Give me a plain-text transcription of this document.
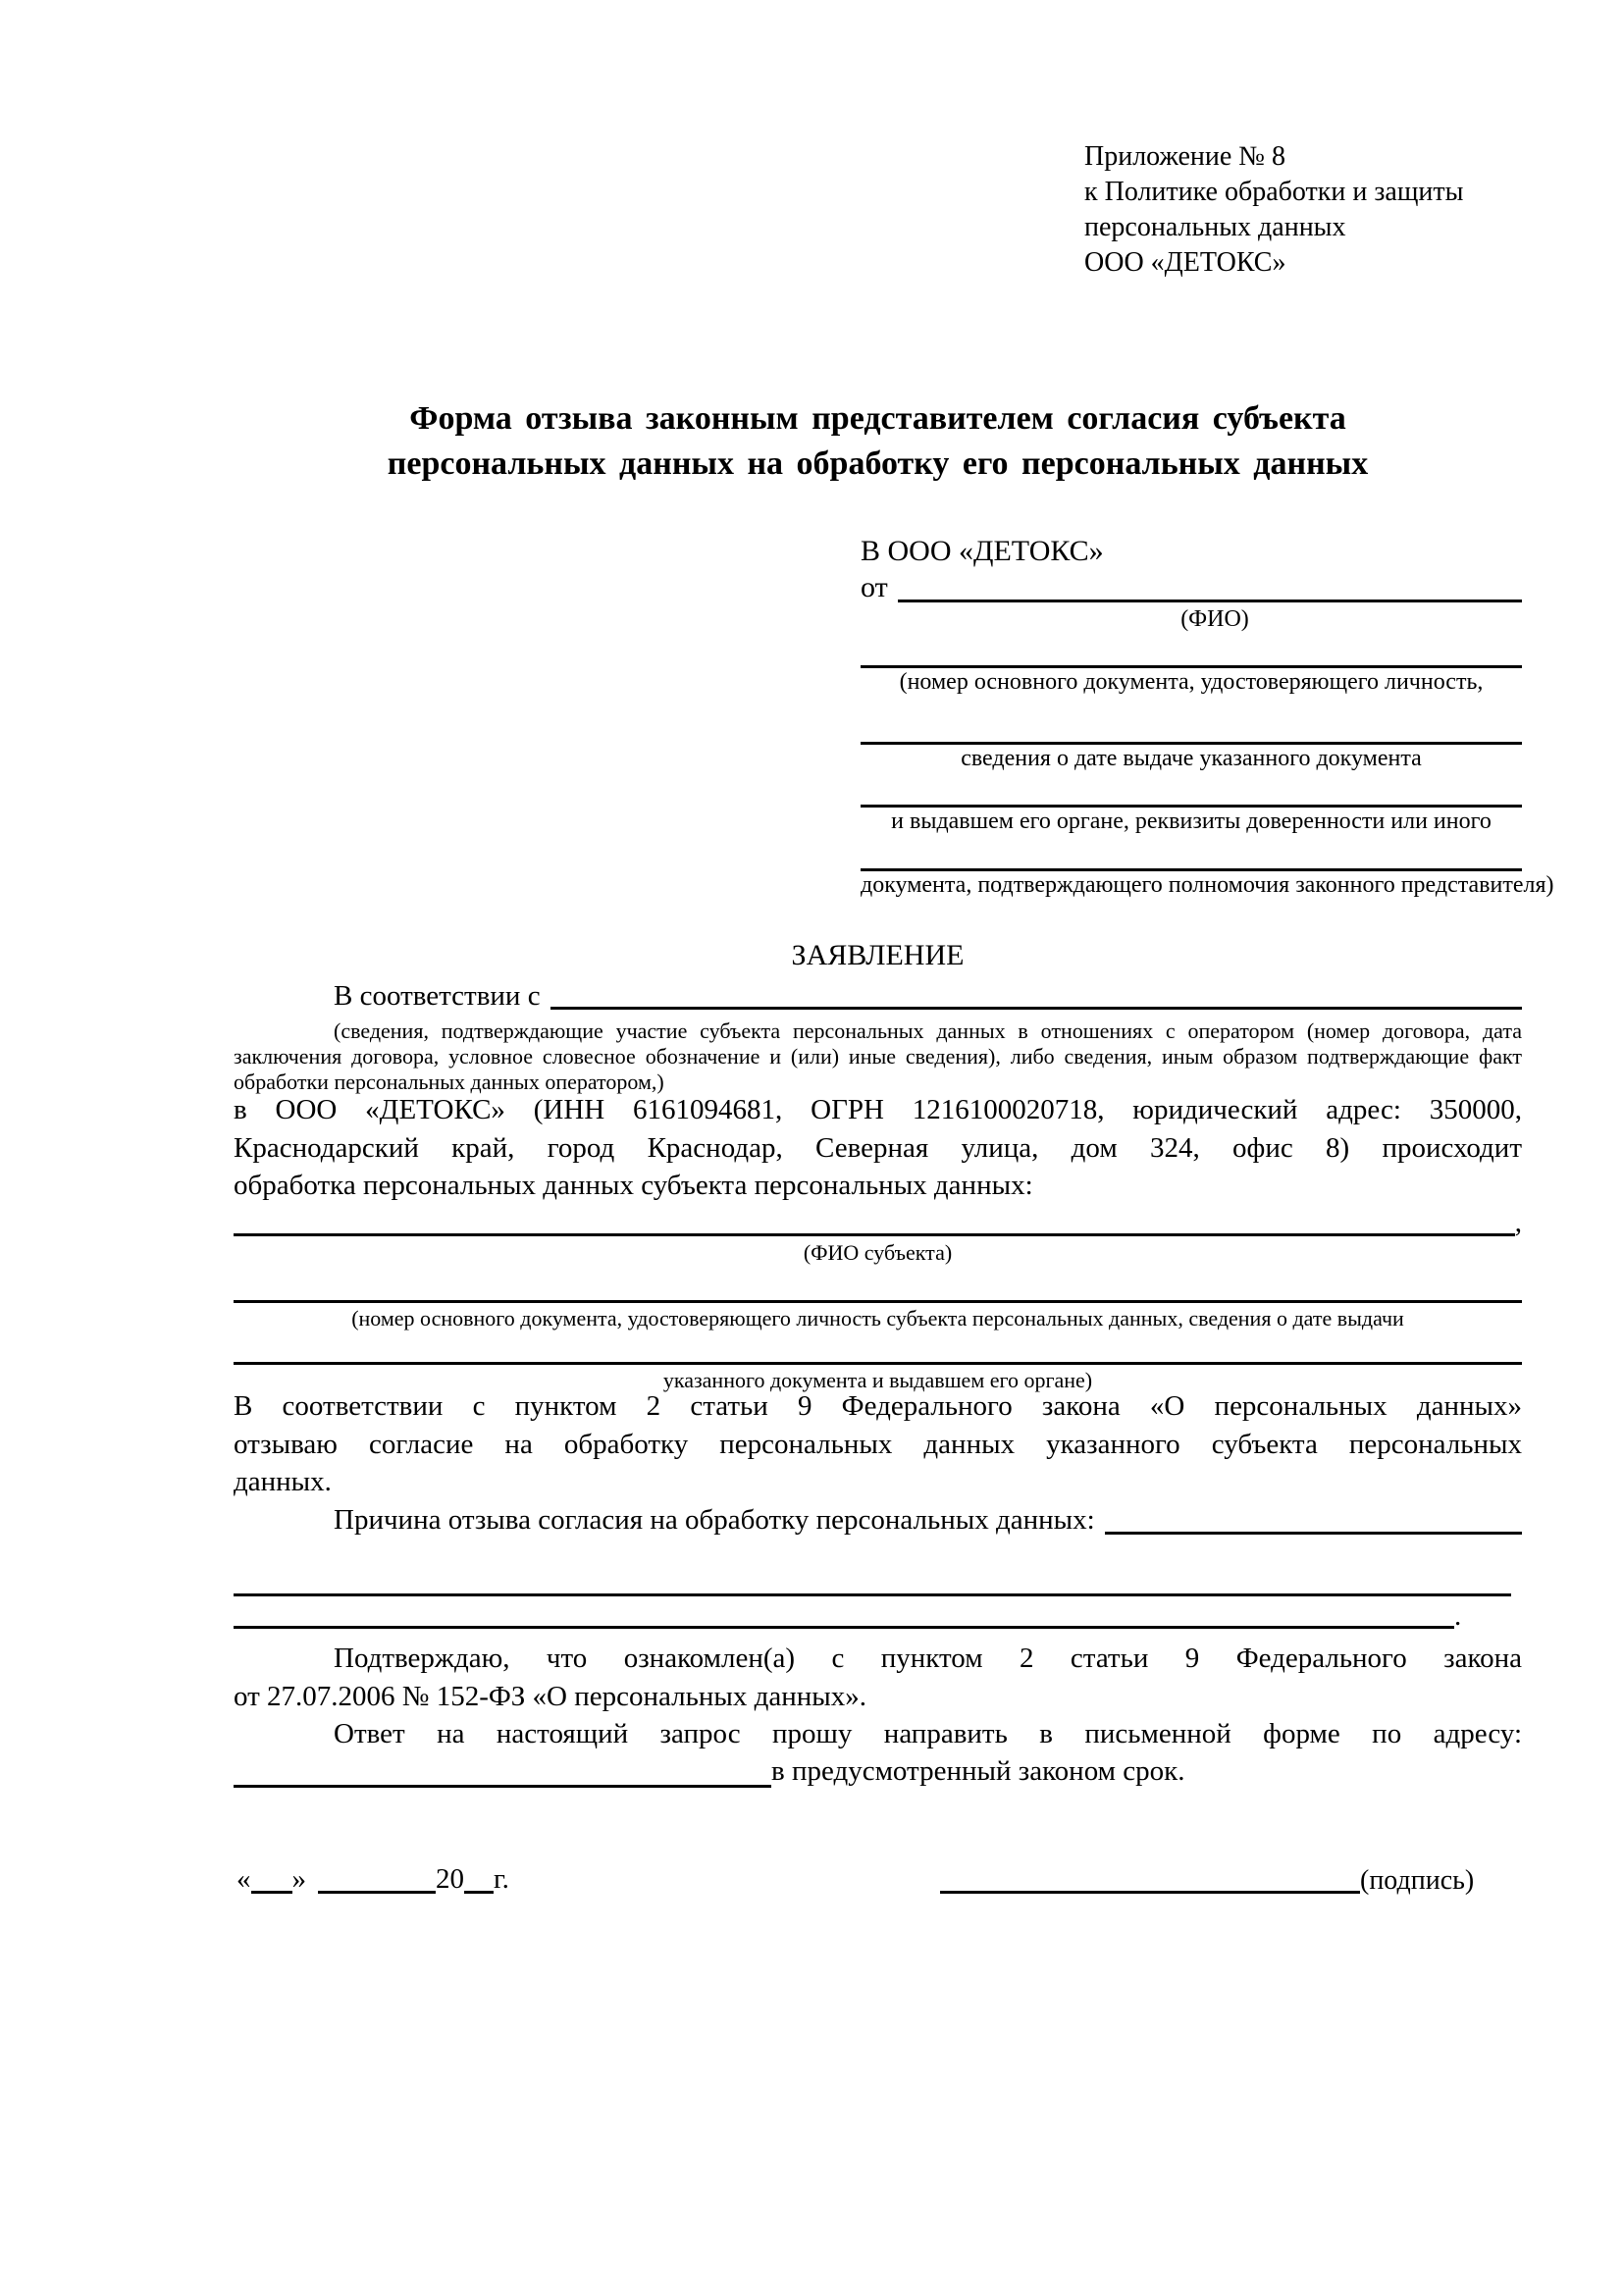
Приложение № 8
к Политике обработки и защиты
персональных данных
ООО «ДЕТОКС»
Форма отзыва законным представителем согласия субъекта
персональных данных на обработку его персональных данных
В ООО «ДЕТОКС»
от
(ФИО)
(номер основного документа, удостоверяющего личность,
сведения о дате выдаче указанного документа
и выдавшем его органе, реквизиты доверенности или иного
документа, подтверждающего полномочия законного представителя)
ЗАЯВЛЕНИЕ
В соответствии с
(сведения, подтверждающие участие субъекта персональных данных в отношениях с оператором (номер договора, дата
заключения договора, условное словесное обозначение и (или) иные сведения), либо сведения, иным образом подтверждающие факт
обработки персональных данных оператором,)
в ООО «ДЕТОКС» (ИНН 6161094681, ОГРН 1216100020718, юридический адрес: 350000,
Краснодарский край, город Краснодар, Северная улица, дом 324, офис 8) происходит
обработка персональных данных субъекта персональных данных:
,
(ФИО субъекта)
(номер основного документа, удостоверяющего личность субъекта персональных данных, сведения о дате выдачи
указанного документа и выдавшем его органе)
В соответствии с пунктом 2 статьи 9 Федерального закона «О персональных данных»
отзываю согласие на обработку персональных данных указанного субъекта персональных
данных.
Причина отзыва согласия на обработку персональных данных:
.
Подтверждаю, что ознакомлен(а) с пунктом 2 статьи 9 Федерального закона
от 27.07.2006 № 152-ФЗ «О персональных данных».
Ответ на настоящий запрос прошу направить в письменной форме по адресу:
в предусмотренный законом срок.
« »	20 г.	(подпись)
